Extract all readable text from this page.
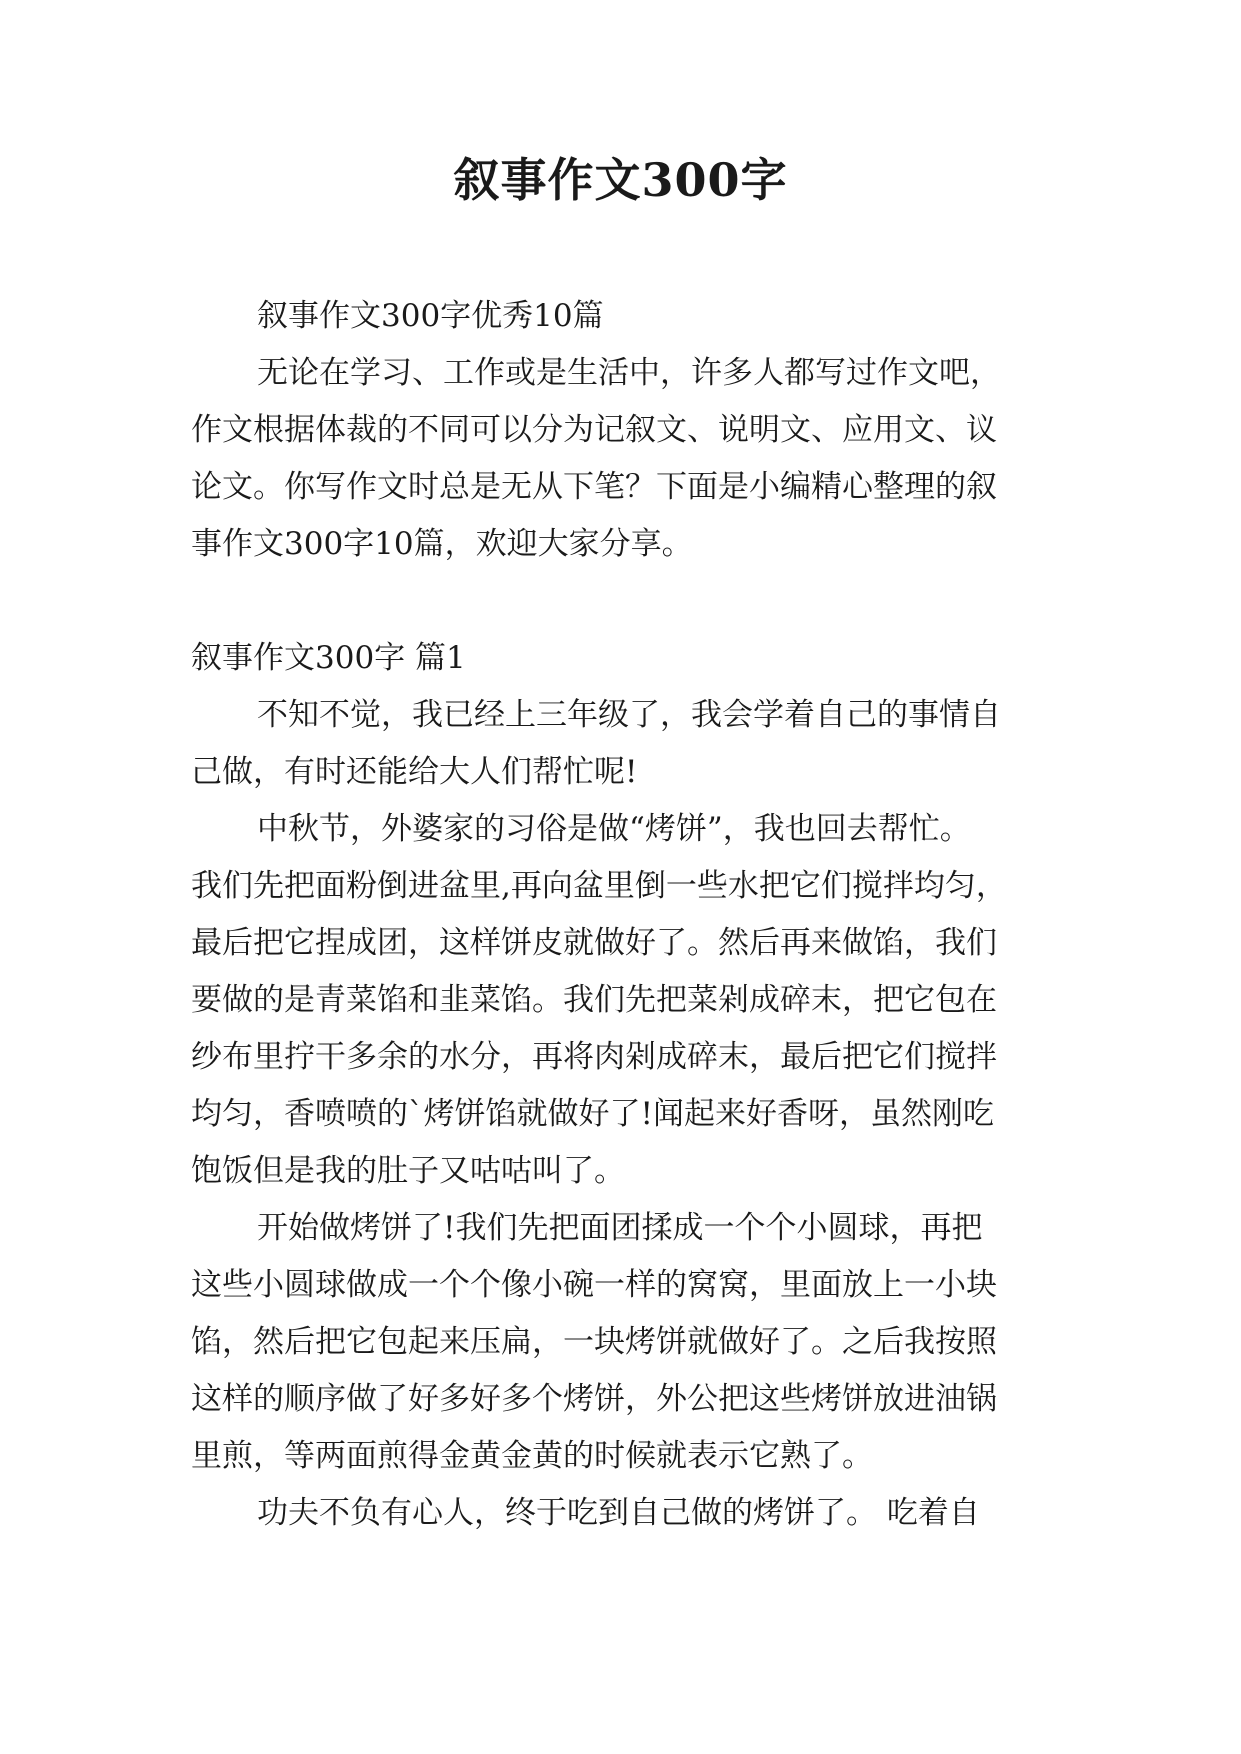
叙事作文300字
叙事作文300字优秀10篇
无论在学习、工作或是生活中，许多人都写过作文吧，
作文根据体裁的不同可以分为记叙文、说明文、应用文、议
论文。你写作文时总是无从下笔？下面是小编精心整理的叙
事作文300字10篇，欢迎大家分享。
叙事作文300字 篇1
不知不觉，我已经上三年级了，我会学着自己的事情自
己做，有时还能给大人们帮忙呢!
中秋节，外婆家的习俗是做“烤饼”，我也回去帮忙。
我们先把面粉倒进盆里,再向盆里倒一些水把它们搅拌均匀，
最后把它捏成团，这样饼皮就做好了。然后再来做馅，我们
要做的是青菜馅和韭菜馅。我们先把菜剁成碎末，把它包在
纱布里拧干多余的水分，再将肉剁成碎末，最后把它们搅拌
均匀，香喷喷的`烤饼馅就做好了!闻起来好香呀，虽然刚吃
饱饭但是我的肚子又咕咕叫了。
开始做烤饼了!我们先把面团揉成一个个小圆球，再把
这些小圆球做成一个个像小碗一样的窝窝，里面放上一小块
馅，然后把它包起来压扁，一块烤饼就做好了。之后我按照
这样的顺序做了好多好多个烤饼，外公把这些烤饼放进油锅
里煎，等两面煎得金黄金黄的时候就表示它熟了。
功夫不负有心人，终于吃到自己做的烤饼了。 吃着自
